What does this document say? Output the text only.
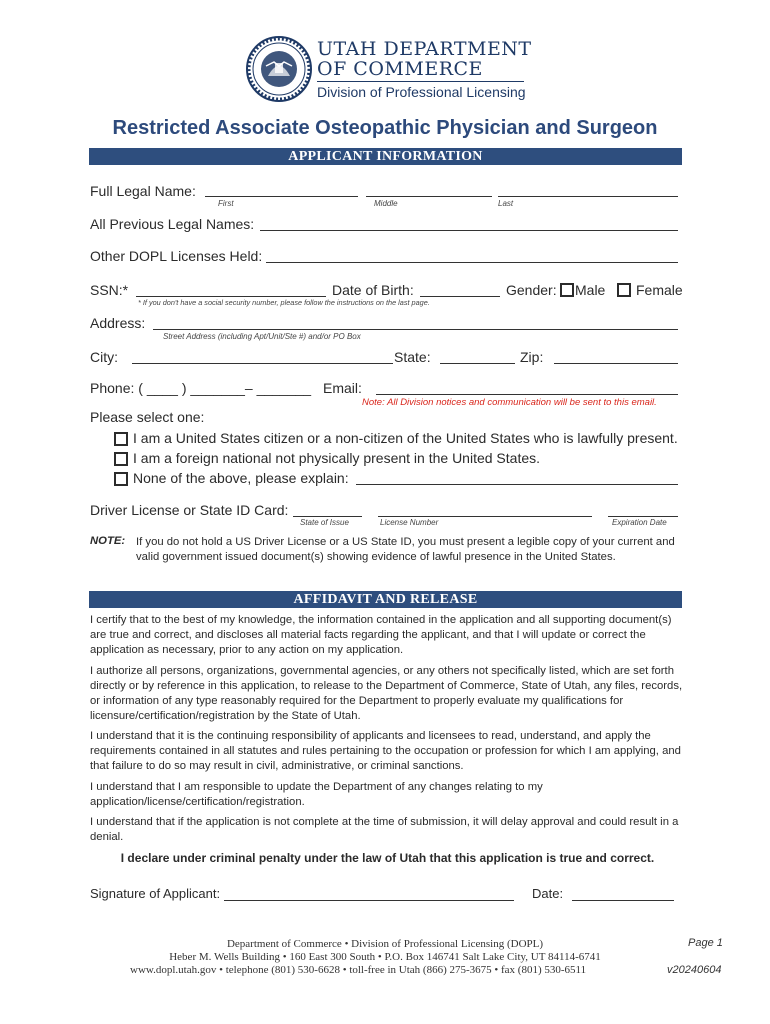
UTAH DEPARTMENT
OF COMMERCE
Division of Professional Licensing
Restricted Associate Osteopathic Physician and Surgeon
APPLICANT INFORMATION
Full Legal Name:
First	Middle	Last
All Previous Legal Names:
Other DOPL Licenses Held:
SSN:*	Date of Birth:	Gender: Male Female
* If you don't have a social security number, please follow the instructions on the last page.
Address:
Street Address (including Apt/Unit/Ste #) and/or PO Box
City:	State:	Zip:
Phone: ( ____ ) _______– _______ Email:
Note: All Division notices and communication will be sent to this email.
Please select one:
I am a United States citizen or a non-citizen of the United States who is lawfully present.
I am a foreign national not physically present in the United States.
None of the above, please explain:
Driver License or State ID Card:
State of Issue	License Number	Expiration Date
NOTE: If you do not hold a US Driver License or a US State ID, you must present a legible copy of your current and valid government issued document(s) showing evidence of lawful presence in the United States.
AFFIDAVIT AND RELEASE
I certify that to the best of my knowledge, the information contained in the application and all supporting document(s) are true and correct, and discloses all material facts regarding the applicant, and that I will update or correct the application as necessary, prior to any action on my application.
I authorize all persons, organizations, governmental agencies, or any others not specifically listed, which are set forth directly or by reference in this application, to release to the Department of Commerce, State of Utah, any files, records, or information of any type reasonably required for the Department to properly evaluate my qualifications for licensure/certification/registration by the State of Utah.
I understand that it is the continuing responsibility of applicants and licensees to read, understand, and apply the requirements contained in all statutes and rules pertaining to the occupation or profession for which I am applying, and that failure to do so may result in civil, administrative, or criminal sanctions.
I understand that I am responsible to update the Department of any changes relating to my application/license/certification/registration.
I understand that if the application is not complete at the time of submission, it will delay approval and could result in a denial.
I declare under criminal penalty under the law of Utah that this application is true and correct.
Signature of Applicant:	Date:
Department of Commerce • Division of Professional Licensing (DOPL)
Heber M. Wells Building • 160 East 300 South • P.O. Box 146741 Salt Lake City, UT 84114-6741
www.dopl.utah.gov • telephone (801) 530-6628 • toll-free in Utah (866) 275-3675 • fax (801) 530-6511
Page 1
v20240604
